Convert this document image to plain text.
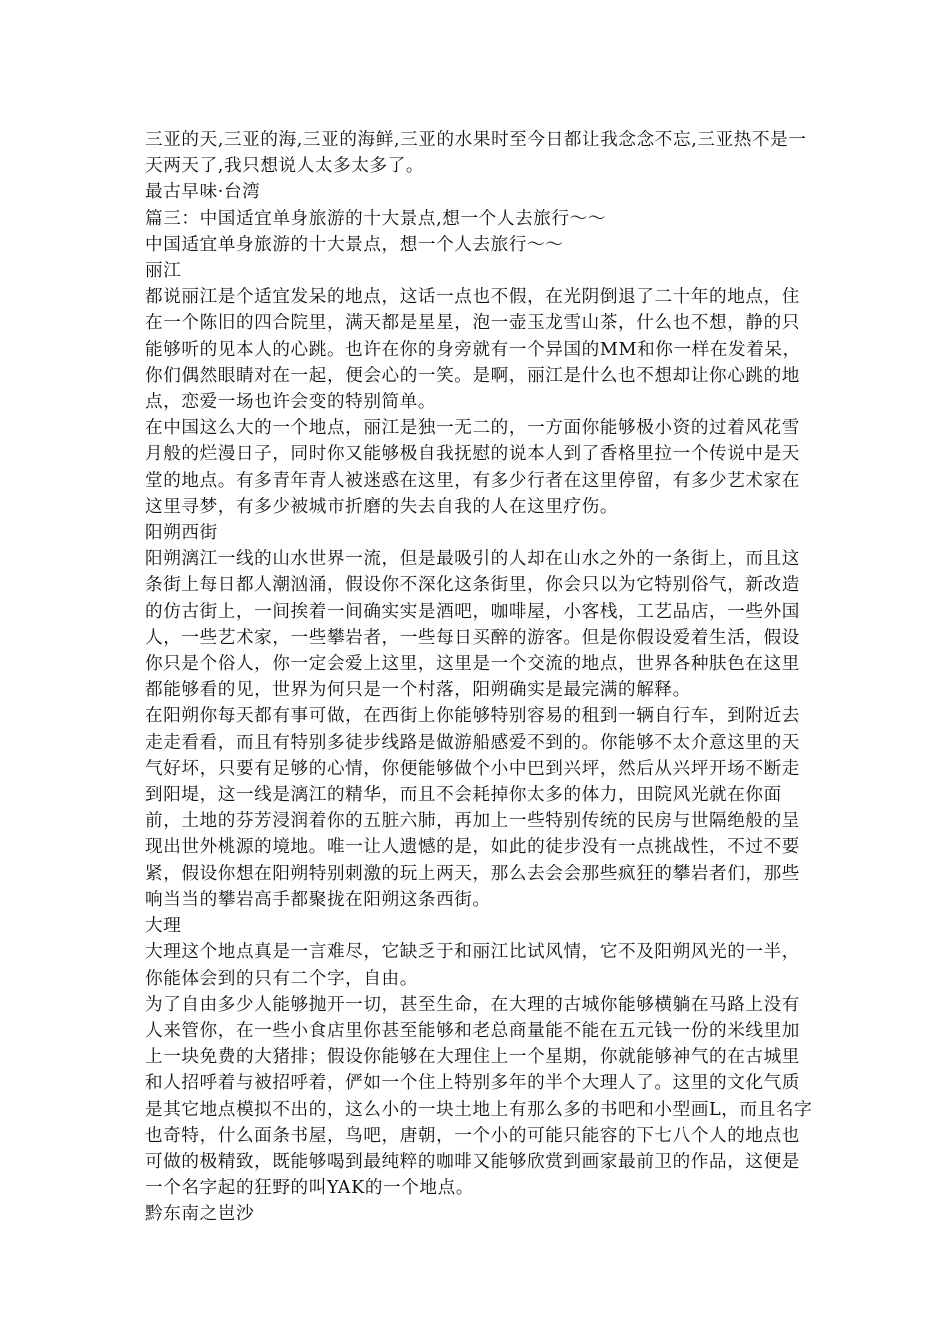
三亚的天,三亚的海,三亚的海鲜,三亚的水果时至今日都让我念念不忘,三亚热不是一天两天了,我只想说人太多太多了。

最古早味·台湾

篇三：中国适宜单身旅游的十大景点,想一个人去旅行～～

中国适宜单身旅游的十大景点，想一个人去旅行～～

丽江

都说丽江是个适宜发呆的地点，这话一点也不假，在光阴倒退了二十年的地点，住在一个陈旧的四合院里，满天都是星星，泡一壶玉龙雪山茶，什么也不想，静的只能够听的见本人的心跳。也许在你的身旁就有一个异国的MM和你一样在发着呆，你们偶然眼睛对在一起，便会心的一笑。是啊，丽江是什么也不想却让你心跳的地点，恋爱一场也许会变的特别简单。

在中国这么大的一个地点，丽江是独一无二的，一方面你能够极小资的过着风花雪月般的烂漫日子，同时你又能够极自我抚慰的说本人到了香格里拉一个传说中是天堂的地点。有多青年青人被迷惑在这里，有多少行者在这里停留，有多少艺术家在这里寻梦，有多少被城市折磨的失去自我的人在这里疗伤。

阳朔西街

阳朔漓江一线的山水世界一流，但是最吸引的人却在山水之外的一条街上，而且这条街上每日都人潮汹涌，假设你不深化这条街里，你会只以为它特别俗气，新改造的仿古街上，一间挨着一间确实实是酒吧，咖啡屋，小客栈，工艺品店，一些外国人，一些艺术家，一些攀岩者，一些每日买醉的游客。但是你假设爱着生活，假设你只是个俗人，你一定会爱上这里，这里是一个交流的地点，世界各种肤色在这里都能够看的见，世界为何只是一个村落，阳朔确实是最完满的解释。

在阳朔你每天都有事可做，在西街上你能够特别容易的租到一辆自行车，到附近去走走看看，而且有特别多徒步线路是做游船感爱不到的。你能够不太介意这里的天气好坏，只要有足够的心情，你便能够做个小中巴到兴坪，然后从兴坪开场不断走到阳堤，这一线是漓江的精华，而且不会耗掉你太多的体力，田院风光就在你面前，土地的芬芳浸润着你的五脏六肺，再加上一些特别传统的民房与世隔绝般的呈现出世外桃源的境地。唯一让人遗憾的是，如此的徒步没有一点挑战性，不过不要紧，假设你想在阳朔特别刺激的玩上两天，那么去会会那些疯狂的攀岩者们，那些响当当的攀岩高手都聚拢在阳朔这条西街。

大理

大理这个地点真是一言难尽，它缺乏于和丽江比试风情，它不及阳朔风光的一半，你能体会到的只有二个字，自由。

为了自由多少人能够抛开一切，甚至生命，在大理的古城你能够横躺在马路上没有人来管你，在一些小食店里你甚至能够和老总商量能不能在五元钱一份的米线里加上一块免费的大猪排；假设你能够在大理住上一个星期，你就能够神气的在古城里和人招呼着与被招呼着，俨如一个住上特别多年的半个大理人了。这里的文化气质是其它地点模拟不出的，这么小的一块土地上有那么多的书吧和小型画L，而且名字也奇特，什么面条书屋，鸟吧，唐朝，一个小的可能只能容的下七八个人的地点也可做的极精致，既能够喝到最纯粹的咖啡又能够欣赏到画家最前卫的作品，这便是一个名字起的狂野的叫YAK的一个地点。

黔东南之岜沙
